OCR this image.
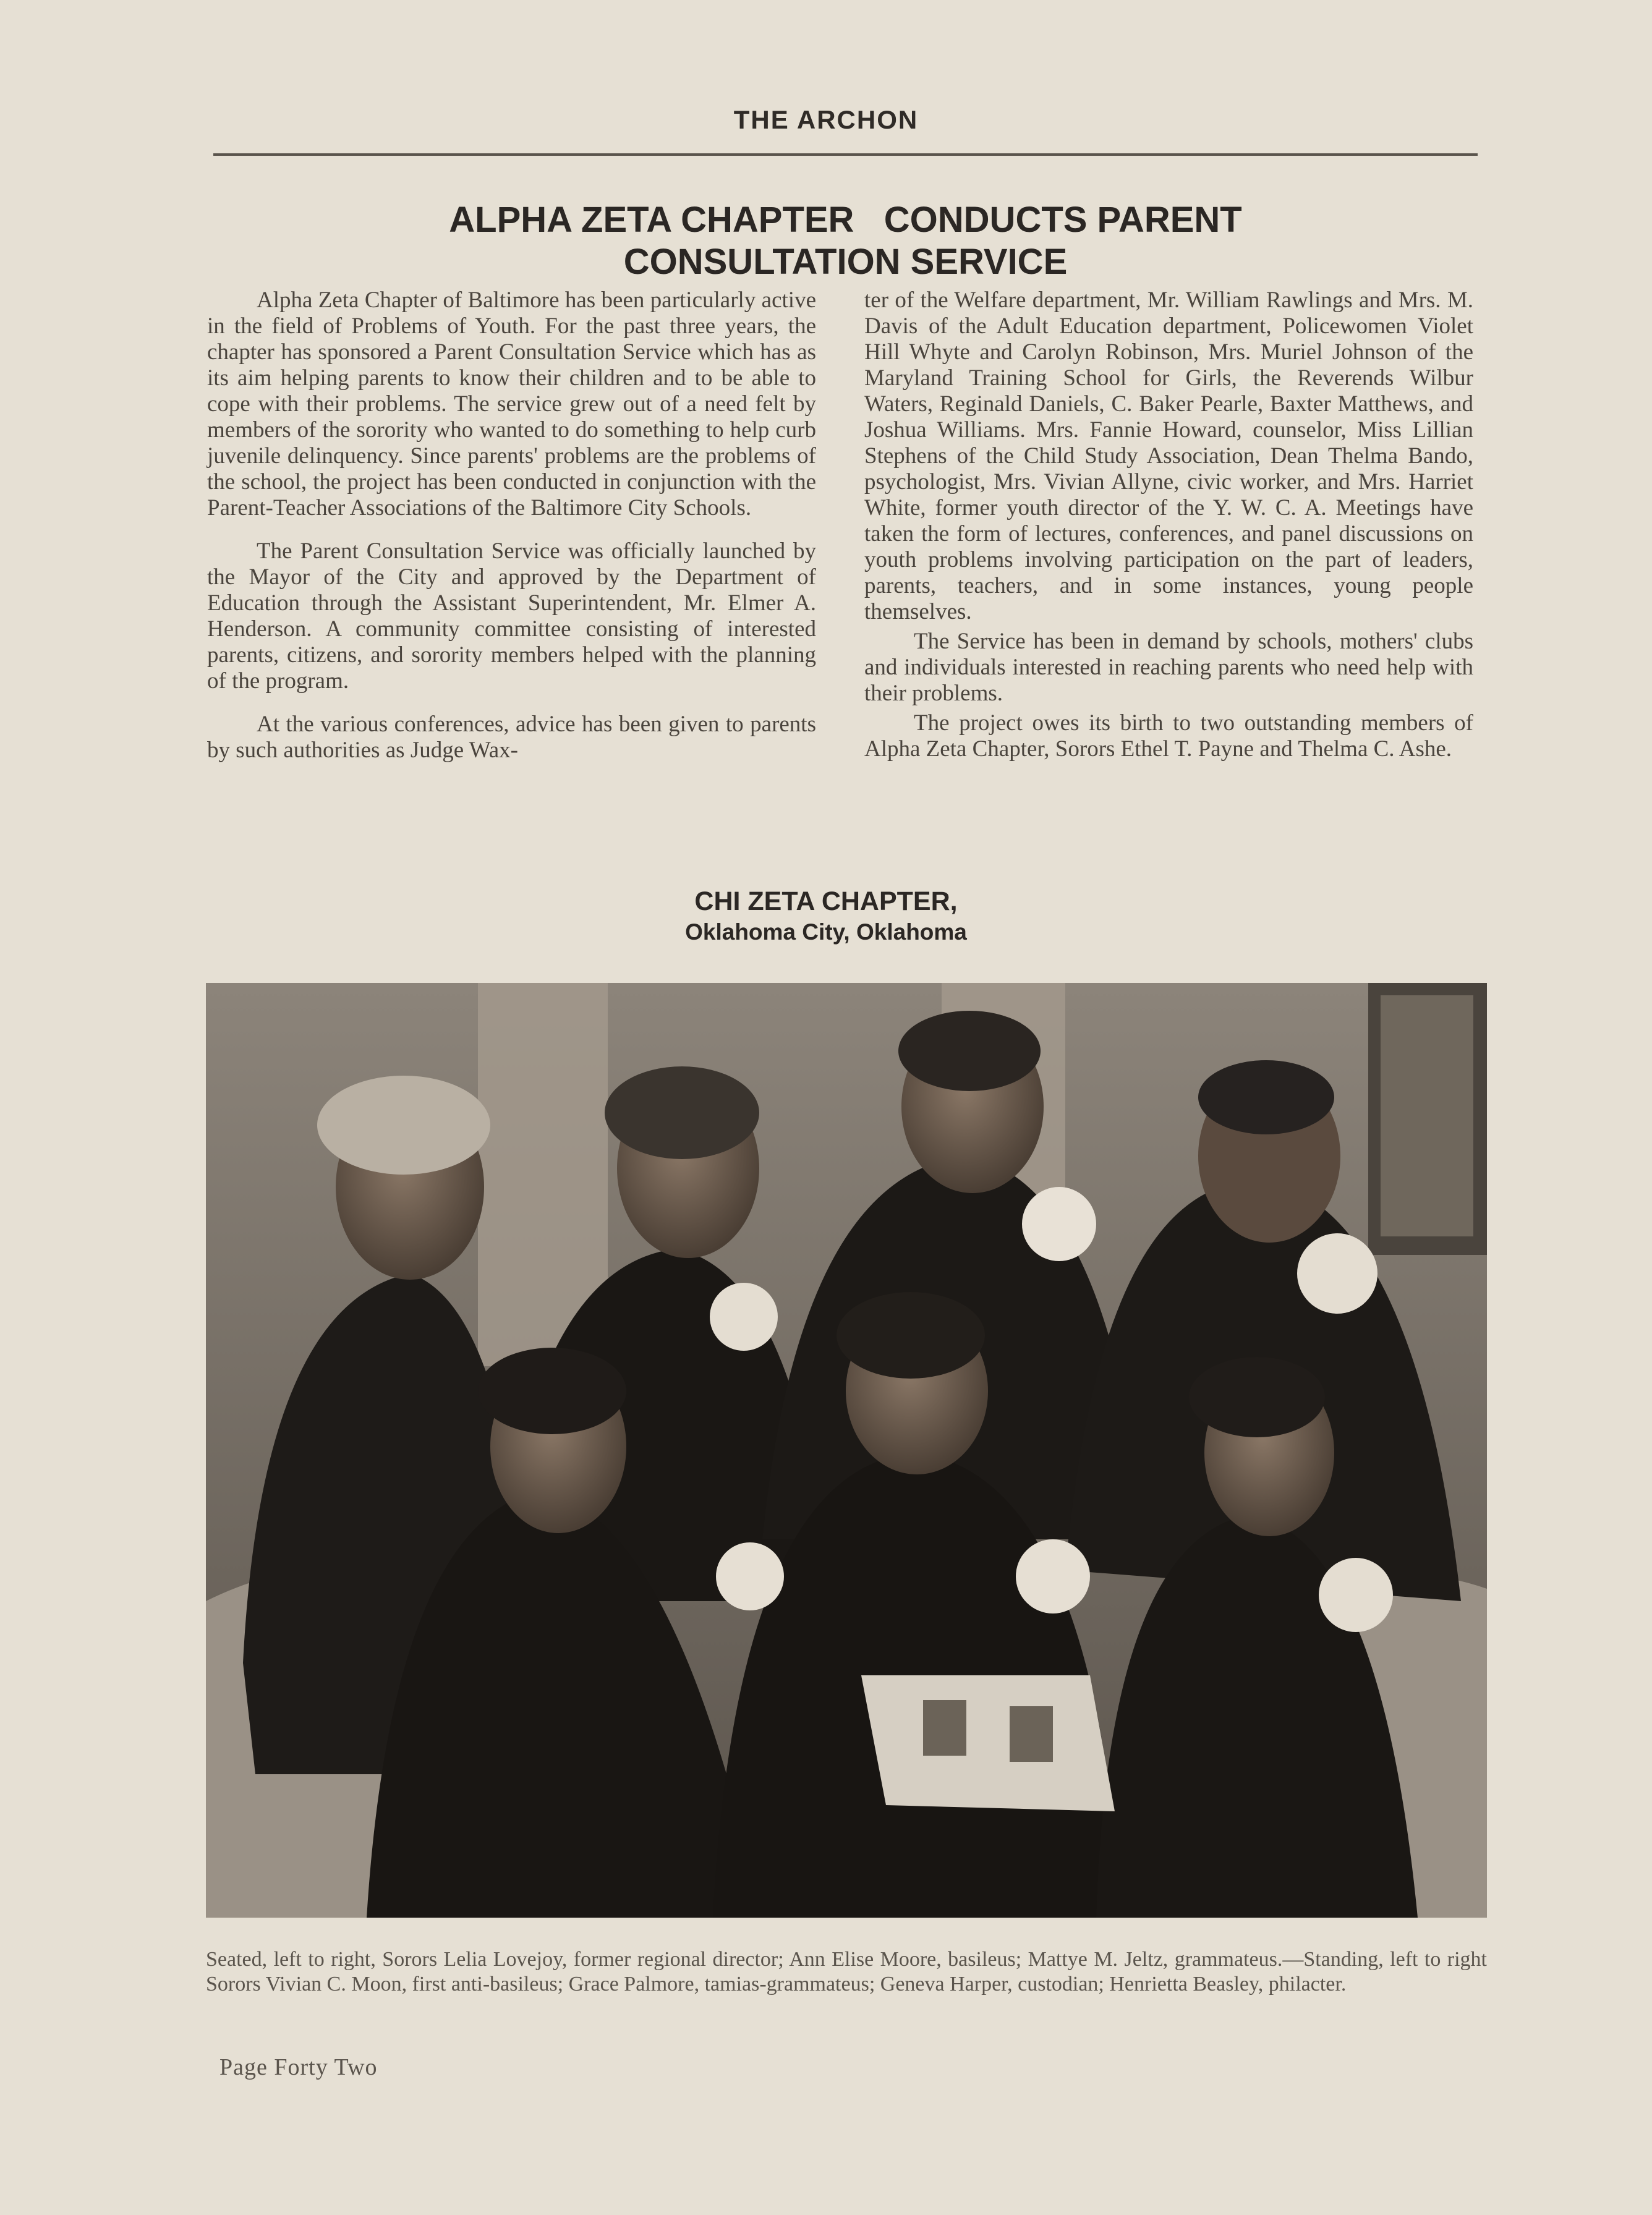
THE ARCHON
ALPHA ZETA CHAPTER   CONDUCTS PARENT
CONSULTATION SERVICE

Alpha Zeta Chapter of Baltimore has been particularly active in the field of Problems of Youth. For the past three years, the chapter has sponsored a Parent Consultation Service which has as its aim helping parents to know their children and to be able to cope with their problems. The service grew out of a need felt by members of the sorority who wanted to do something to help curb juvenile delinquency. Since parents' problems are the problems of the school, the project has been conducted in conjunction with the Parent-Teacher Associations of the Baltimore City Schools.

The Parent Consultation Service was officially launched by the Mayor of the City and approved by the Department of Education through the Assistant Superintendent, Mr. Elmer A. Henderson. A community committee consisting of interested parents, citizens, and sorority members helped with the planning of the program.

At the various conferences, advice has been given to parents by such authorities as Judge Wax-

ter of the Welfare department, Mr. William Rawlings and Mrs. M. Davis of the Adult Education department, Policewomen Violet Hill Whyte and Carolyn Robinson, Mrs. Muriel Johnson of the Maryland Training School for Girls, the Reverends Wilbur Waters, Reginald Daniels, C. Baker Pearle, Baxter Matthews, and Joshua Williams. Mrs. Fannie Howard, counselor, Miss Lillian Stephens of the Child Study Association, Dean Thelma Bando, psychologist, Mrs. Vivian Allyne, civic worker, and Mrs. Harriet White, former youth director of the Y. W. C. A. Meetings have taken the form of lectures, conferences, and panel discussions on youth problems involving participation on the part of leaders, parents, teachers, and in some instances, young people themselves.

The Service has been in demand by schools, mothers' clubs and individuals interested in reaching parents who need help with their problems.

The project owes its birth to two outstanding members of Alpha Zeta Chapter, Sorors Ethel T. Payne and Thelma C. Ashe.

CHI ZETA CHAPTER,
Oklahoma City, Oklahoma
Seated, left to right, Sorors Lelia Lovejoy, former regional director; Ann Elise Moore, basileus; Mattye M. Jeltz, grammateus.—Standing, left to right Sorors Vivian C. Moon, first anti-basileus; Grace Palmore, tamias-grammateus; Geneva Harper, custodian; Henrietta Beasley, philacter.
Page Forty Two
